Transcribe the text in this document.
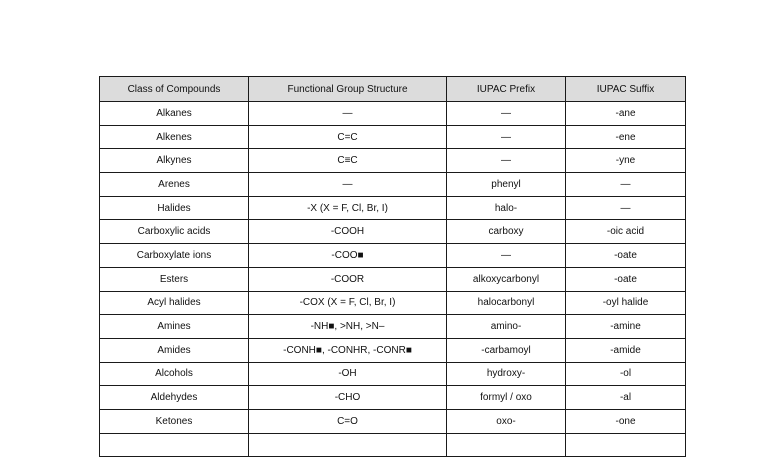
Class of Compounds	Functional Group Structure	IUPAC Prefix	IUPAC Suffix
Alkanes	—	—	-ane
Alkenes	C=C	—	-ene
Alkynes	C≡C	—	-yne
Arenes	—	phenyl	—
Halides	-X (X = F, Cl, Br, I)	halo-	—
Carboxylic acids	-COOH	carboxy	-oic acid
Carboxylate ions	-COO■	—	-oate
Esters	-COOR	alkoxycarbonyl	-oate
Acyl halides	-COX (X = F, Cl, Br, I)	halocarbonyl	-oyl halide
Amines	-NH■, >NH, >N–	amino-	-amine
Amides	-CONH■, -CONHR, -CONR■	-carbamoyl	-amide
Alcohols	-OH	hydroxy-	-ol
Aldehydes	-CHO	formyl / oxo	-al
Ketones	C=O	oxo-	-one
